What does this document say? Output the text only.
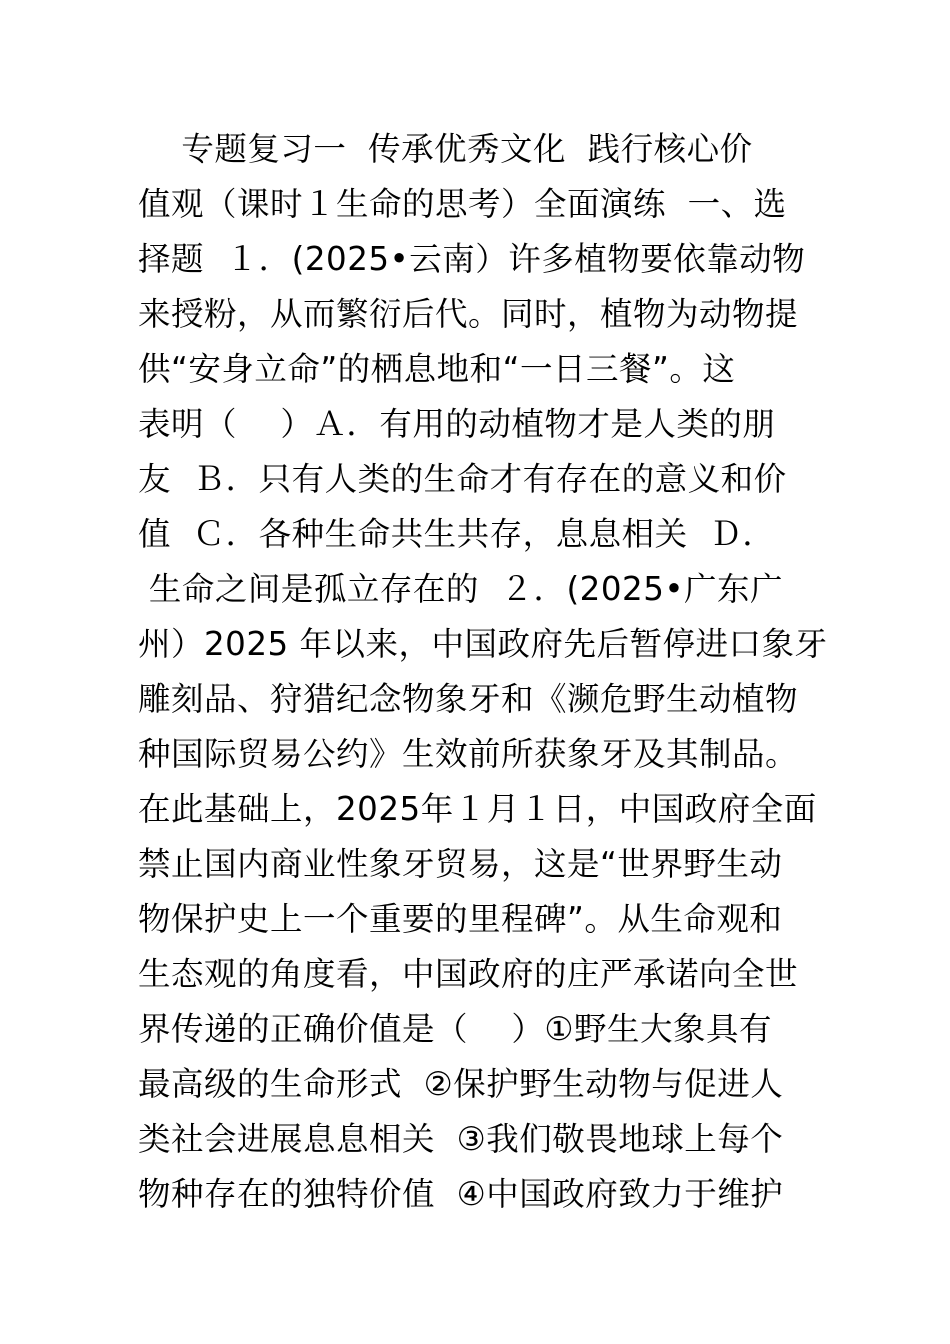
专题复习一  传承优秀文化  践行核心价
值观（课时１生命的思考）全面演练  一、选
择题  １．(2025•云南）许多植物要依靠动物
来授粉，从而繁衍后代。同时，植物为动物提
供“安身立命”的栖息地和“一日三餐”。这
表明（    ）Ａ．有用的动植物才是人类的朋
友  Ｂ．只有人类的生命才有存在的意义和价
值  Ｃ．各种生命共生共存，息息相关  Ｄ．
生命之间是孤立存在的  ２．(2025•广东广
州）2025 年以来，中国政府先后暂停进口象牙
雕刻品、狩猎纪念物象牙和《濒危野生动植物
种国际贸易公约》生效前所获象牙及其制品。
在此基础上，2025年１月１日，中国政府全面
禁止国内商业性象牙贸易，这是“世界野生动
物保护史上一个重要的里程碑”。从生命观和
生态观的角度看，中国政府的庄严承诺向全世
界传递的正确价值是（    ）①野生大象具有
最高级的生命形式  ②保护野生动物与促进人
类社会进展息息相关  ③我们敬畏地球上每个
物种存在的独特价值  ④中国政府致力于维护
